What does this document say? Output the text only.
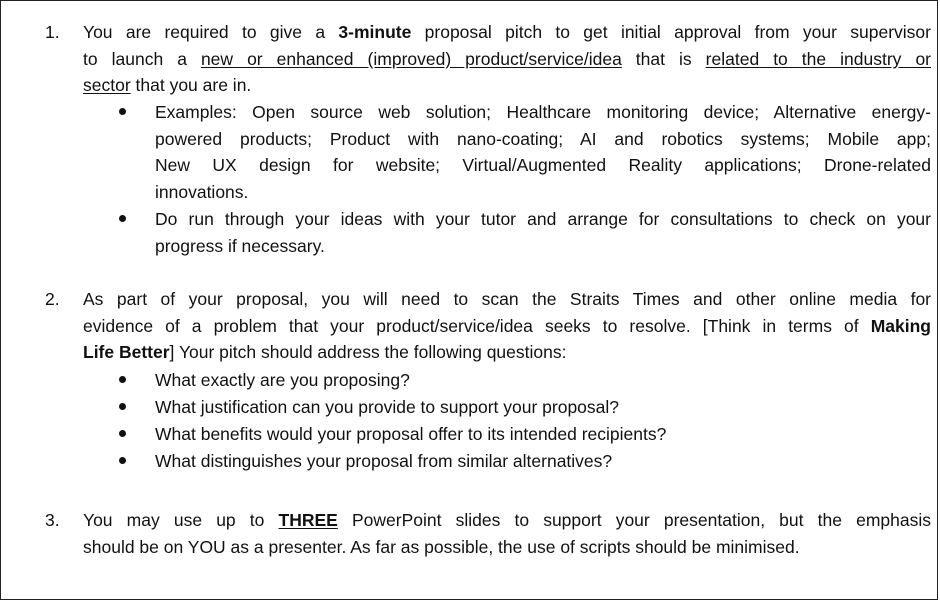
1. You are required to give a 3-minute proposal pitch to get initial approval from your supervisor
to launch a new or enhanced (improved) product/service/idea that is related to the industry or
sector that you are in.
Examples: Open source web solution; Healthcare monitoring device; Alternative energy-
powered products; Product with nano-coating; AI and robotics systems; Mobile app;
New UX design for website; Virtual/Augmented Reality applications; Drone-related
innovations.
Do run through your ideas with your tutor and arrange for consultations to check on your
progress if necessary.
2. As part of your proposal, you will need to scan the Straits Times and other online media for
evidence of a problem that your product/service/idea seeks to resolve. [Think in terms of Making
Life Better] Your pitch should address the following questions:
What exactly are you proposing?
What justification can you provide to support your proposal?
What benefits would your proposal offer to its intended recipients?
What distinguishes your proposal from similar alternatives?
3. You may use up to THREE PowerPoint slides to support your presentation, but the emphasis
should be on YOU as a presenter. As far as possible, the use of scripts should be minimised.
